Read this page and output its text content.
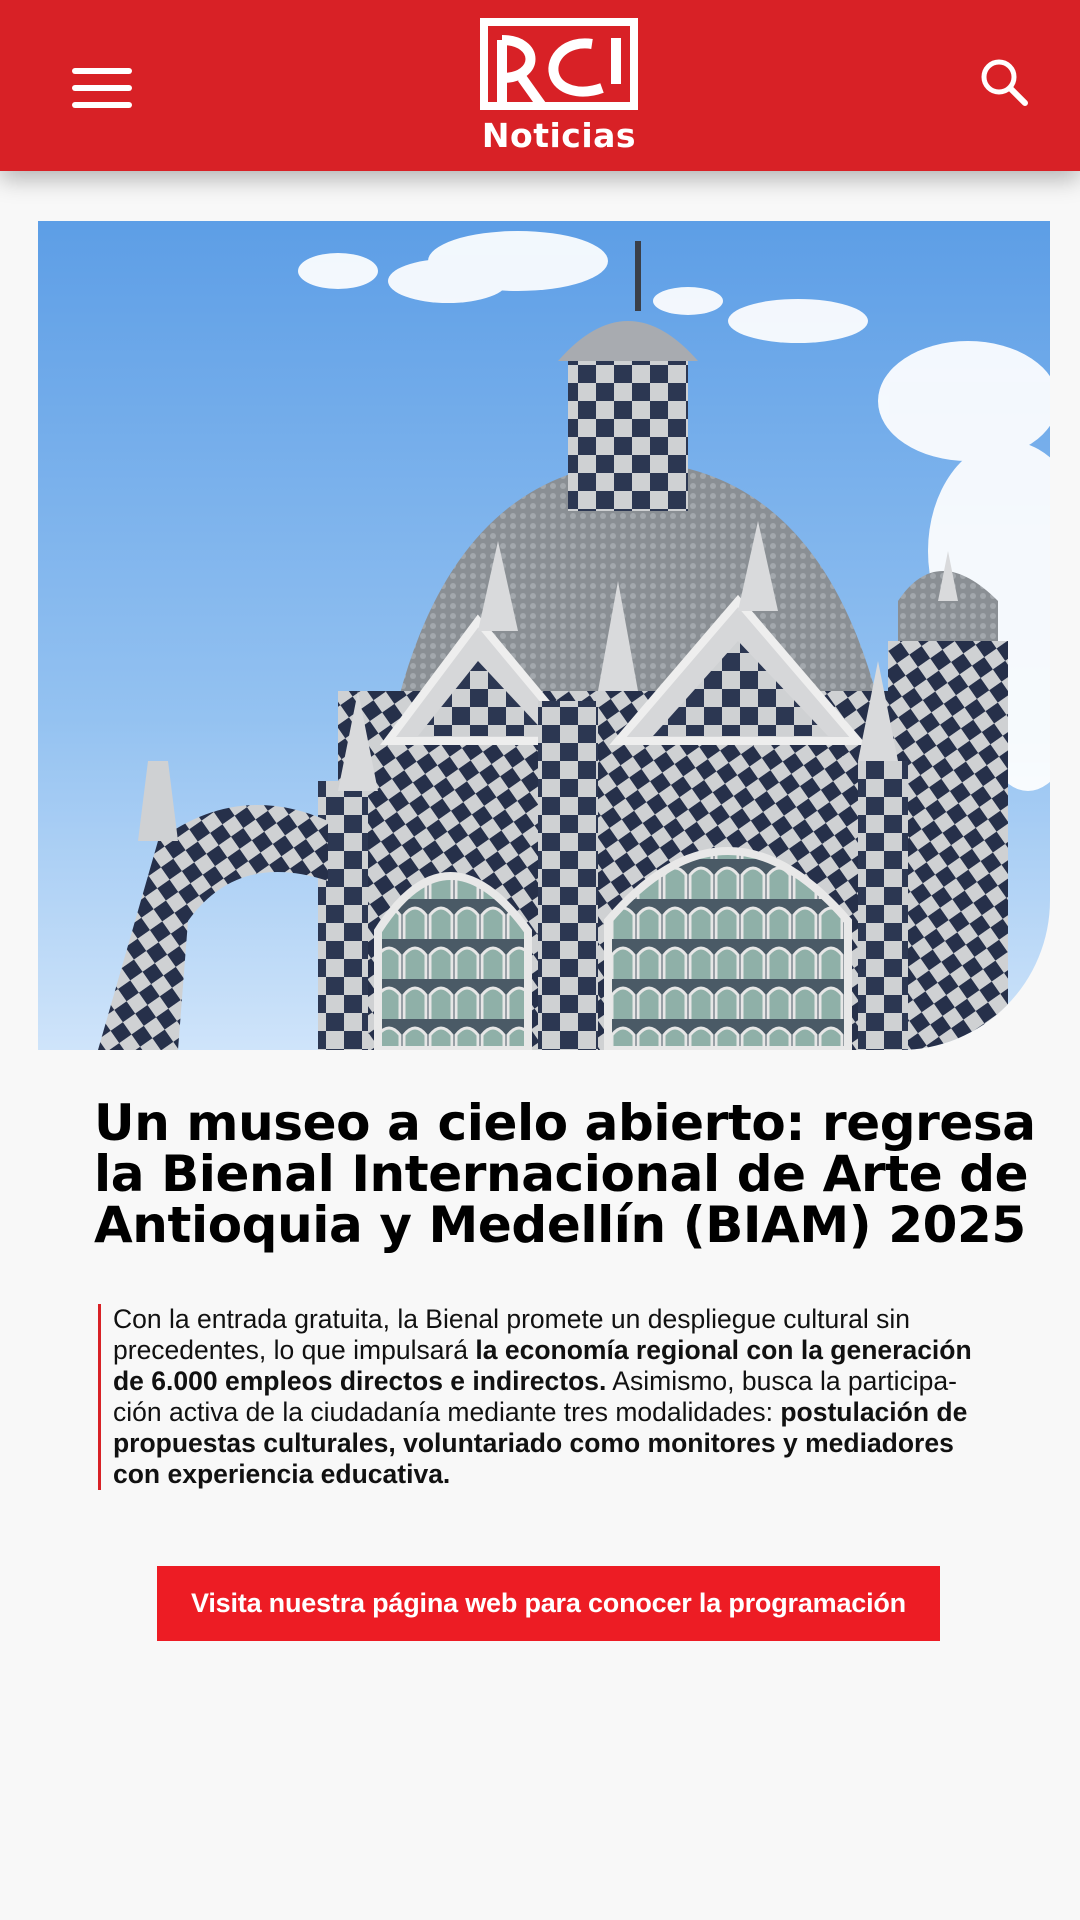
Noticias
Un museo a cielo abierto: regresa
la Bienal Internacional de Arte de
Antioquia y Medellín (BIAM) 2025
Con la entrada gratuita, la Bienal promete un despliegue cultural sin
precedentes, lo que impulsará la economía regional con la generación
de 6.000 empleos directos e indirectos. Asimismo, busca la participa-
ción activa de la ciudadanía mediante tres modalidades: postulación de
propuestas culturales, voluntariado como monitores y mediadores
con experiencia educativa.
Visita nuestra página web para conocer la programación
